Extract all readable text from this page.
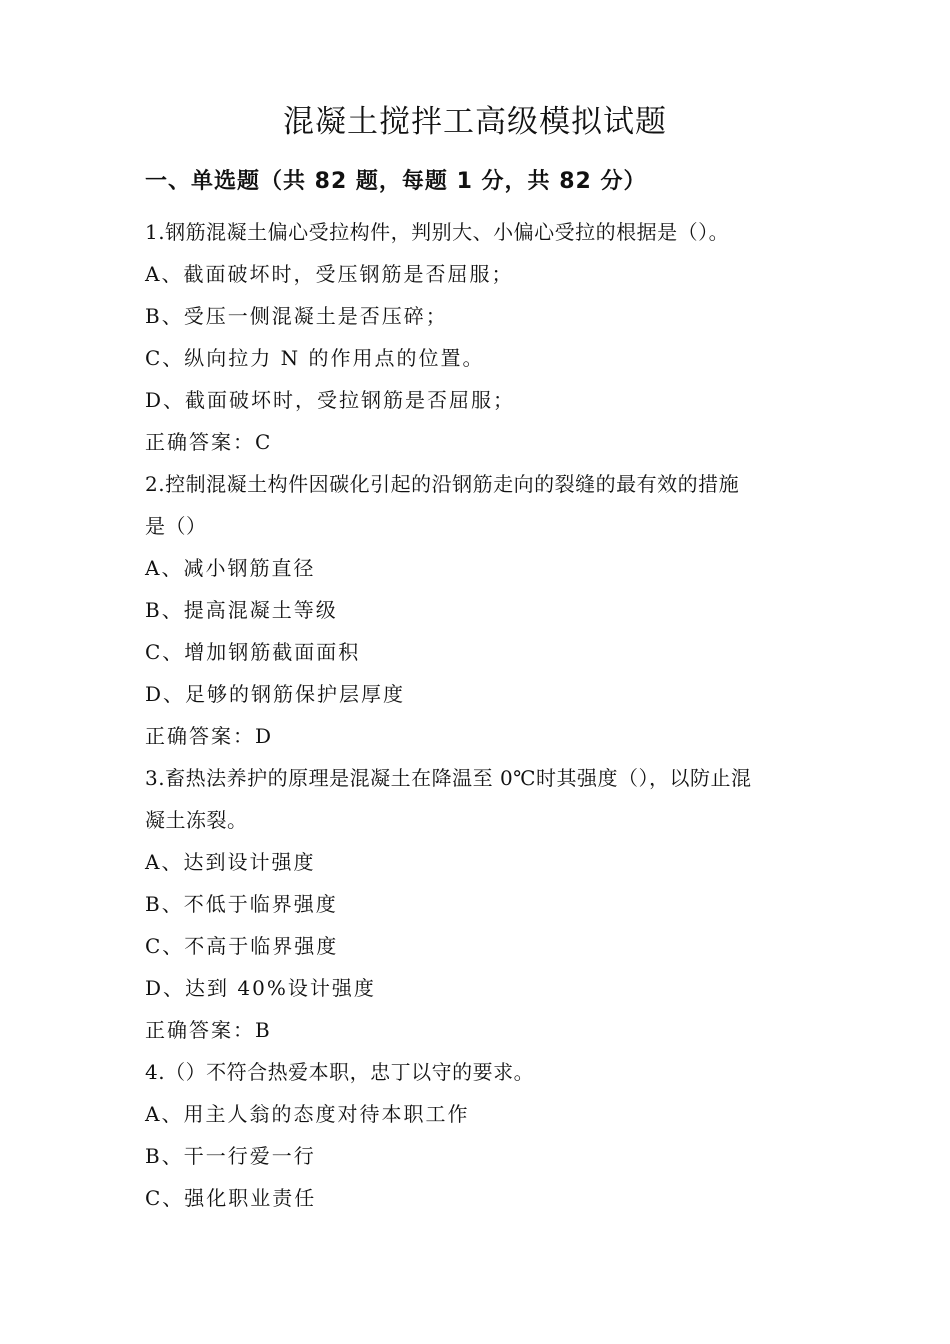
混凝土搅拌工高级模拟试题
一、单选题（共 82 题，每题 1 分，共 82 分）

1.钢筋混凝土偏心受拉构件，判别大、小偏心受拉的根据是（）。

A、截面破坏时，受压钢筋是否屈服；

B、受压一侧混凝土是否压碎；

C、纵向拉力 N 的作用点的位置。

D、截面破坏时，受拉钢筋是否屈服；

正确答案：C

2.控制混凝土构件因碳化引起的沿钢筋走向的裂缝的最有效的措施

是（）

A、减小钢筋直径

B、提高混凝土等级

C、增加钢筋截面面积

D、足够的钢筋保护层厚度

正确答案：D

3.畜热法养护的原理是混凝土在降温至 0℃时其强度（），以防止混

凝土冻裂。

A、达到设计强度

B、不低于临界强度

C、不高于临界强度

D、达到 40%设计强度

正确答案：B

4.（）不符合热爱本职，忠丁以守的要求。

A、用主人翁的态度对待本职工作

B、干一行爱一行

C、强化职业责任
